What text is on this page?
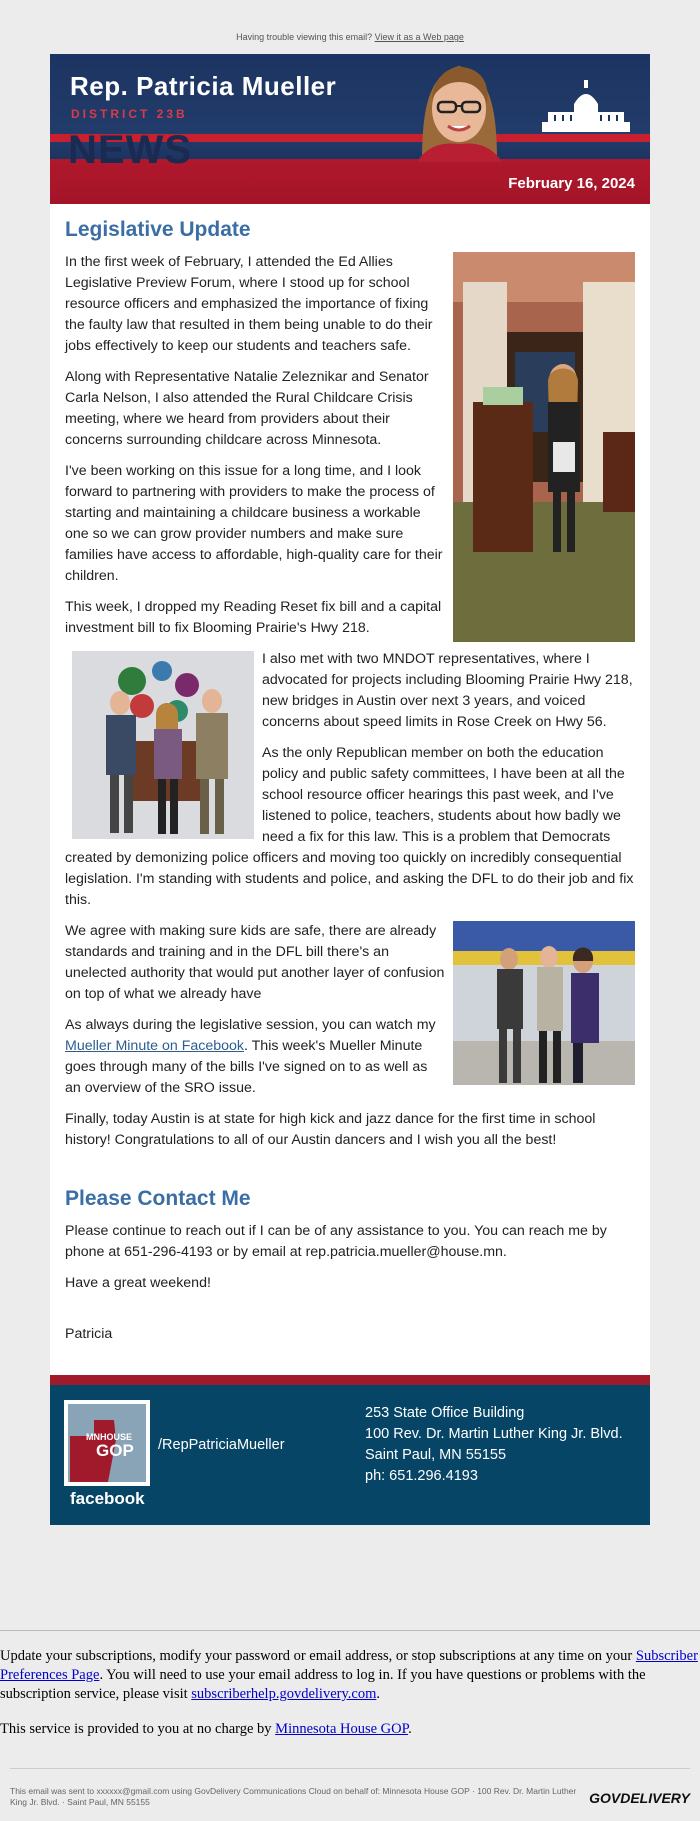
Having trouble viewing this email? View it as a Web page
Rep. Patricia Mueller
DISTRICT 23B
NEWS
February 16, 2024
Legislative Update

In the first week of February, I attended the Ed Allies Legislative Preview Forum, where I stood up for school resource officers and emphasized the importance of fixing the faulty law that resulted in them being unable to do their jobs effectively to keep our students and teachers safe.

Along with Representative Natalie Zeleznikar and Senator Carla Nelson, I also attended the Rural Childcare Crisis meeting, where we heard from providers about their concerns surrounding childcare across Minnesota.

I've been working on this issue for a long time, and I look forward to partnering with providers to make the process of starting and maintaining a childcare business a workable one so we can grow provider numbers and make sure families have access to affordable, high-quality care for their children.

This week, I dropped my Reading Reset fix bill and a capital investment bill to fix Blooming Prairie's Hwy 218.

I also met with two MNDOT representatives, where I advocated for projects including Blooming Prairie Hwy 218, new bridges in Austin over next 3 years, and voiced concerns about speed limits in Rose Creek on Hwy 56.

As the only Republican member on both the education policy and public safety committees, I have been at all the school resource officer hearings this past week, and I've listened to police, teachers, students about how badly we need a fix for this law. This is a problem that Democrats created by demonizing police officers and moving too quickly on incredibly consequential legislation. I'm standing with students and police, and asking the DFL to do their job and fix this.

We agree with making sure kids are safe, there are already standards and training and in the DFL bill there's an unelected authority that would put another layer of confusion on top of what we already have

As always during the legislative session, you can watch my Mueller Minute on Facebook. This week's Mueller Minute goes through many of the bills I've signed on to as well as an overview of the SRO issue.

Finally, today Austin is at state for high kick and jazz dance for the first time in school history! Congratulations to all of our Austin dancers and I wish you all the best!

Please Contact Me

Please continue to reach out if I can be of any assistance to you. You can reach me by phone at 651-296-4193 or by email at rep.patricia.mueller@house.mn.

Have a great weekend!

Patricia

MN HOUSE
GOP
facebook
/RepPatriciaMueller
253 State Office Building
100 Rev. Dr. Martin Luther King Jr. Blvd.
Saint Paul, MN 55155
ph: 651.296.4193

Update your subscriptions, modify your password or email address, or stop subscriptions at any time on your Subscriber Preferences Page. You will need to use your email address to log in. If you have questions or problems with the subscription service, please visit subscriberhelp.govdelivery.com.

This service is provided to you at no charge by Minnesota House GOP.

This email was sent to xxxxxx@gmail.com using GovDelivery Communications Cloud on behalf of: Minnesota House GOP · 100 Rev. Dr. Martin Luther King Jr. Blvd. · Saint Paul, MN 55155	GOVDELIVERY
